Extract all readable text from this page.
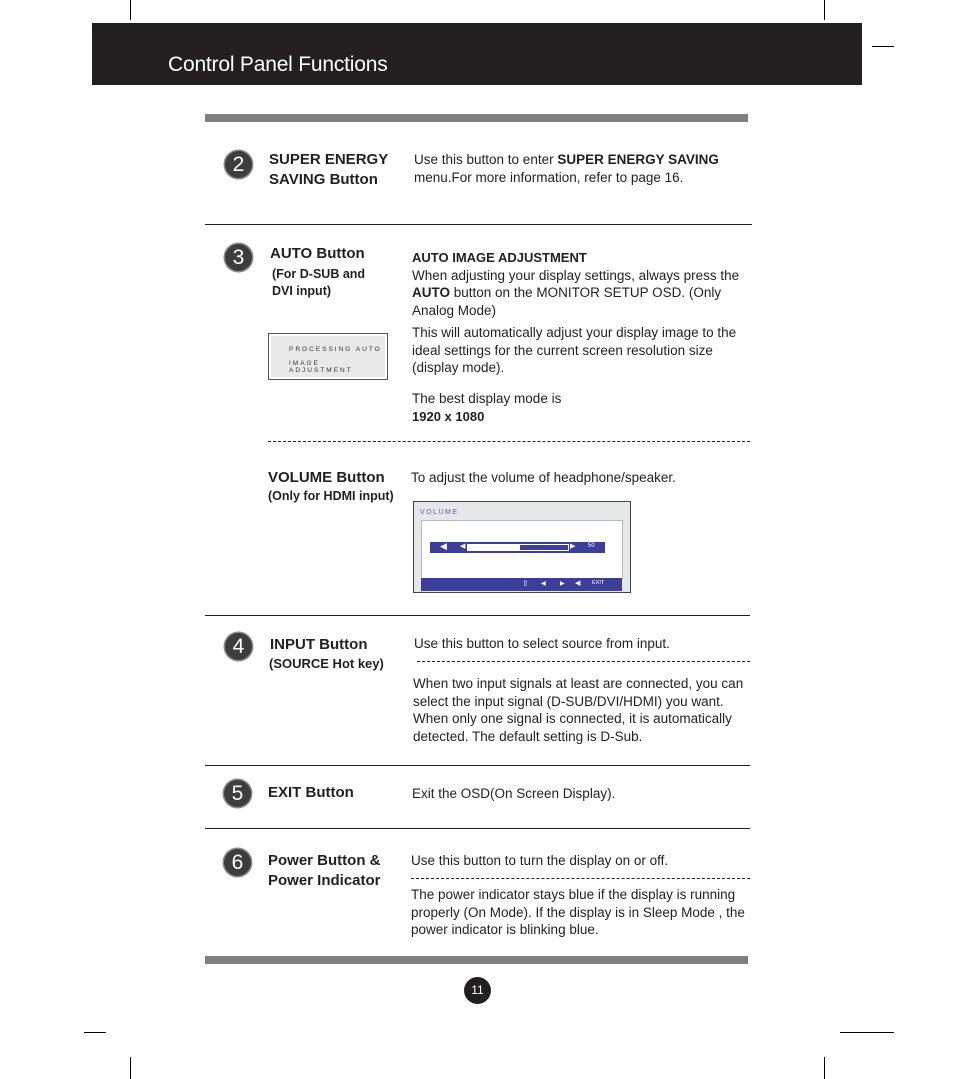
Control Panel Functions
2	SUPER ENERGY
SAVING Button
Use this button to enter SUPER ENERGY SAVING
menu.For more information, refer to page 16.
3	AUTO Button
(For D-SUB and
DVI input)
AUTO IMAGE ADJUSTMENT
When adjusting your display settings, always press the AUTO button on the MONITOR SETUP OSD. (Only Analog Mode)
This will automatically adjust your display image to the ideal settings for the current screen resolution size (display mode).
The best display mode is
1920 x 1080
PROCESSING AUTO
IMAGE ADJUSTMENT
VOLUME Button
(Only for HDMI input)
To adjust the volume of headphone/speaker.
VOLUME
◀ ◀	▶ 50
⇧ ◀ ▶ ◀ EXIT
4	INPUT Button
(SOURCE Hot key)
Use this button to select source from input.
When two input signals at least are connected, you can select the input signal (D-SUB/DVI/HDMI) you want. When only one signal is connected, it is automatically detected. The default setting is D-Sub.
5	EXIT Button	Exit the OSD(On Screen Display).
6	Power Button &
Power Indicator
Use this button to turn the display on or off.
The power indicator stays blue if the display is running properly (On Mode). If the display is in Sleep Mode , the power indicator is blinking blue.
11
